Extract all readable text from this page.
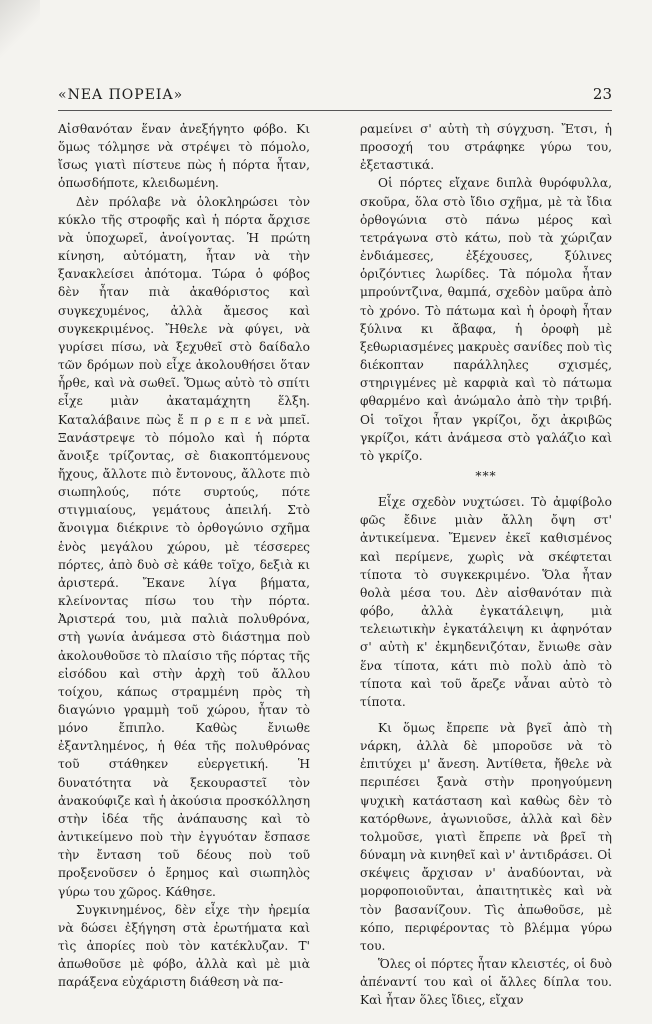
«ΝΕΑ ΠΟΡΕΙΑ»	23

Αἰσθανόταν ἕναν ἀνεξήγητο φόβο. Κι ὅμως τόλμησε νὰ στρέψει τὸ πόμολο, ἴσως γιατὶ πίστευε πὼς ἡ πόρτα ἦταν, ὁπωσδήποτε, κλειδωμένη.

Δὲν πρόλαβε νὰ ὁλοκληρώσει τὸν κύκλο τῆς στροφῆς καὶ ἡ πόρτα ἄρχισε νὰ ὑποχωρεῖ, ἀνοίγοντας. Ἡ πρώτη κίνηση, αὐτόματη, ἦταν νὰ τὴν ξανακλείσει ἀπότομα. Τώρα ὁ φόβος δὲν ἦταν πιὰ ἀκαθόριστος καὶ συγκεχυμένος, ἀλλὰ ἄμεσος καὶ συγκεκριμένος. Ἤθελε νὰ φύγει, νὰ γυρίσει πίσω, νὰ ξεχυθεῖ στὸ δαίδαλο τῶν δρόμων ποὺ εἶχε ἀκολουθήσει ὅταν ἦρθε, καὶ νὰ σωθεῖ. Ὅμως αὐτὸ τὸ σπίτι εἶχε μιὰν ἀκαταμάχητη ἕλξη. Καταλάβαινε πὼς ἔ π ρ ε π ε νὰ μπεῖ. Ξανάστρεψε τὸ πόμολο καὶ ἡ πόρτα ἄνοιξε τρίζοντας, σὲ διακοπτόμενους ἤχους, ἄλλοτε πιὸ ἔντονους, ἄλλοτε πιὸ σιωπηλούς, πότε συρτούς, πότε στιγμιαίους, γεμάτους ἀπειλή. Στὸ ἄνοιγμα διέκρινε τὸ ὀρθογώνιο σχῆμα ἑνὸς μεγάλου χώρου, μὲ τέσσερες πόρτες, ἀπὸ δυὸ σὲ κάθε τοῖχο, δεξιὰ κι ἀριστερά. Ἔκανε λίγα βήματα, κλείνοντας πίσω του τὴν πόρτα. Ἀριστερά του, μιὰ παλιὰ πολυθρόνα, στὴ γωνία ἀνάμεσα στὸ διάστημα ποὺ ἀκολουθοῦσε τὸ πλαίσιο τῆς πόρτας τῆς εἰσόδου καὶ στὴν ἀρχὴ τοῦ ἄλλου τοίχου, κάπως στραμμένη πρὸς τὴ διαγώνιο γραμμὴ τοῦ χώρου, ἦταν τὸ μόνο ἔπιπλο. Καθὼς ἔνιωθε ἐξαντλημένος, ἡ θέα τῆς πολυθρόνας τοῦ στάθηκεν εὐεργετική. Ἡ δυνατότητα νὰ ξεκουραστεῖ τὸν ἀνακούφιζε καὶ ἡ ἀκούσια προσκόλληση στὴν ἰδέα τῆς ἀνάπαυσης καὶ τὸ ἀντικείμενο ποὺ τὴν ἐγγυόταν ἔσπασε τὴν ἔνταση τοῦ δέους ποὺ τοῦ προξενοῦσεν ὁ ἔρημος καὶ σιωπηλὸς γύρω του χῶρος. Κάθησε.

Συγκινημένος, δὲν εἶχε τὴν ἠρεμία νὰ δώσει ἐξήγηση στὰ ἐρωτήματα καὶ τὶς ἀπορίες ποὺ τὸν κατέκλυζαν. Τ' ἀπωθοῦσε μὲ φόβο, ἀλλὰ καὶ μὲ μιὰ παράξενα εὐχάριστη διάθεση νὰ πα-

ραμείνει σ' αὐτὴ τὴ σύγχυση. Ἔτσι, ἡ προσοχή του στράφηκε γύρω του, ἐξεταστικά.

Οἱ πόρτες εἴχανε διπλὰ θυρόφυλλα, σκοῦρα, ὅλα στὸ ἴδιο σχῆμα, μὲ τὰ ἴδια ὀρθογώνια στὸ πάνω μέρος καὶ τετράγωνα στὸ κάτω, ποὺ τὰ χώριζαν ἐνδιάμεσες, ἐξέχουσες, ξύλινες ὁριζόντιες λωρίδες. Τὰ πόμολα ἦταν μπρούντζινα, θαμπά, σχεδὸν μαῦρα ἀπὸ τὸ χρόνο. Τὸ πάτωμα καὶ ἡ ὀροφὴ ἦταν ξύλινα κι ἄβαφα, ἡ ὀροφὴ μὲ ξεθωριασμένες μακρυὲς σανίδες ποὺ τὶς διέκοπταν παράλληλες σχισμές, στηριγμένες μὲ καρφιὰ καὶ τὸ πάτωμα φθαρμένο καὶ ἀνώμαλο ἀπὸ τὴν τριβή. Οἱ τοῖχοι ἦταν γκρίζοι, ὄχι ἀκριβῶς γκρίζοι, κάτι ἀνάμεσα στὸ γαλάζιο καὶ τὸ γκρίζο.

***

Εἶχε σχεδὸν νυχτώσει. Τὸ ἀμφίβολο φῶς ἔδινε μιὰν ἄλλη ὄψη στ' ἀντικείμενα. Ἔμενεν ἐκεῖ καθισμένος καὶ περίμενε, χωρὶς νὰ σκέφτεται τίποτα τὸ συγκεκριμένο. Ὅλα ἦταν θολὰ μέσα του. Δὲν αἰσθανόταν πιὰ φόβο, ἀλλὰ ἐγκατάλειψη, μιὰ τελειωτικὴν ἐγκατάλειψη κι ἀφηνόταν σ' αὐτὴ κ' ἐκμηδενιζόταν, ἔνιωθε σὰν ἕνα τίποτα, κάτι πιὸ πολὺ ἀπὸ τὸ τίποτα καὶ τοῦ ἄρεζε νἆναι αὐτὸ τὸ τίποτα.

Κι ὅμως ἔπρεπε νὰ βγεῖ ἀπὸ τὴ νάρκη, ἀλλὰ δὲ μποροῦσε νὰ τὸ ἐπιτύχει μ' ἄνεση. Ἀντίθετα, ἤθελε νὰ περιπέσει ξανὰ στὴν προηγούμενη ψυχικὴ κατάσταση καὶ καθὼς δὲν τὸ κατόρθωνε, ἀγωνιοῦσε, ἀλλὰ καὶ δὲν τολμοῦσε, γιατὶ ἔπρεπε νὰ βρεῖ τὴ δύναμη νὰ κινηθεῖ καὶ ν' ἀντιδράσει. Οἱ σκέψεις ἄρχισαν ν' ἀναδύονται, νὰ μορφοποιοῦνται, ἀπαιτητικὲς καὶ νὰ τὸν βασανίζουν. Τὶς ἀπωθοῦσε, μὲ κόπο, περιφέροντας τὸ βλέμμα γύρω του.

Ὅλες οἱ πόρτες ἦταν κλειστές, οἱ δυὸ ἀπέναντί του καὶ οἱ ἄλλες δίπλα του. Καὶ ἦταν ὅλες ἴδιες, εἴχαν
